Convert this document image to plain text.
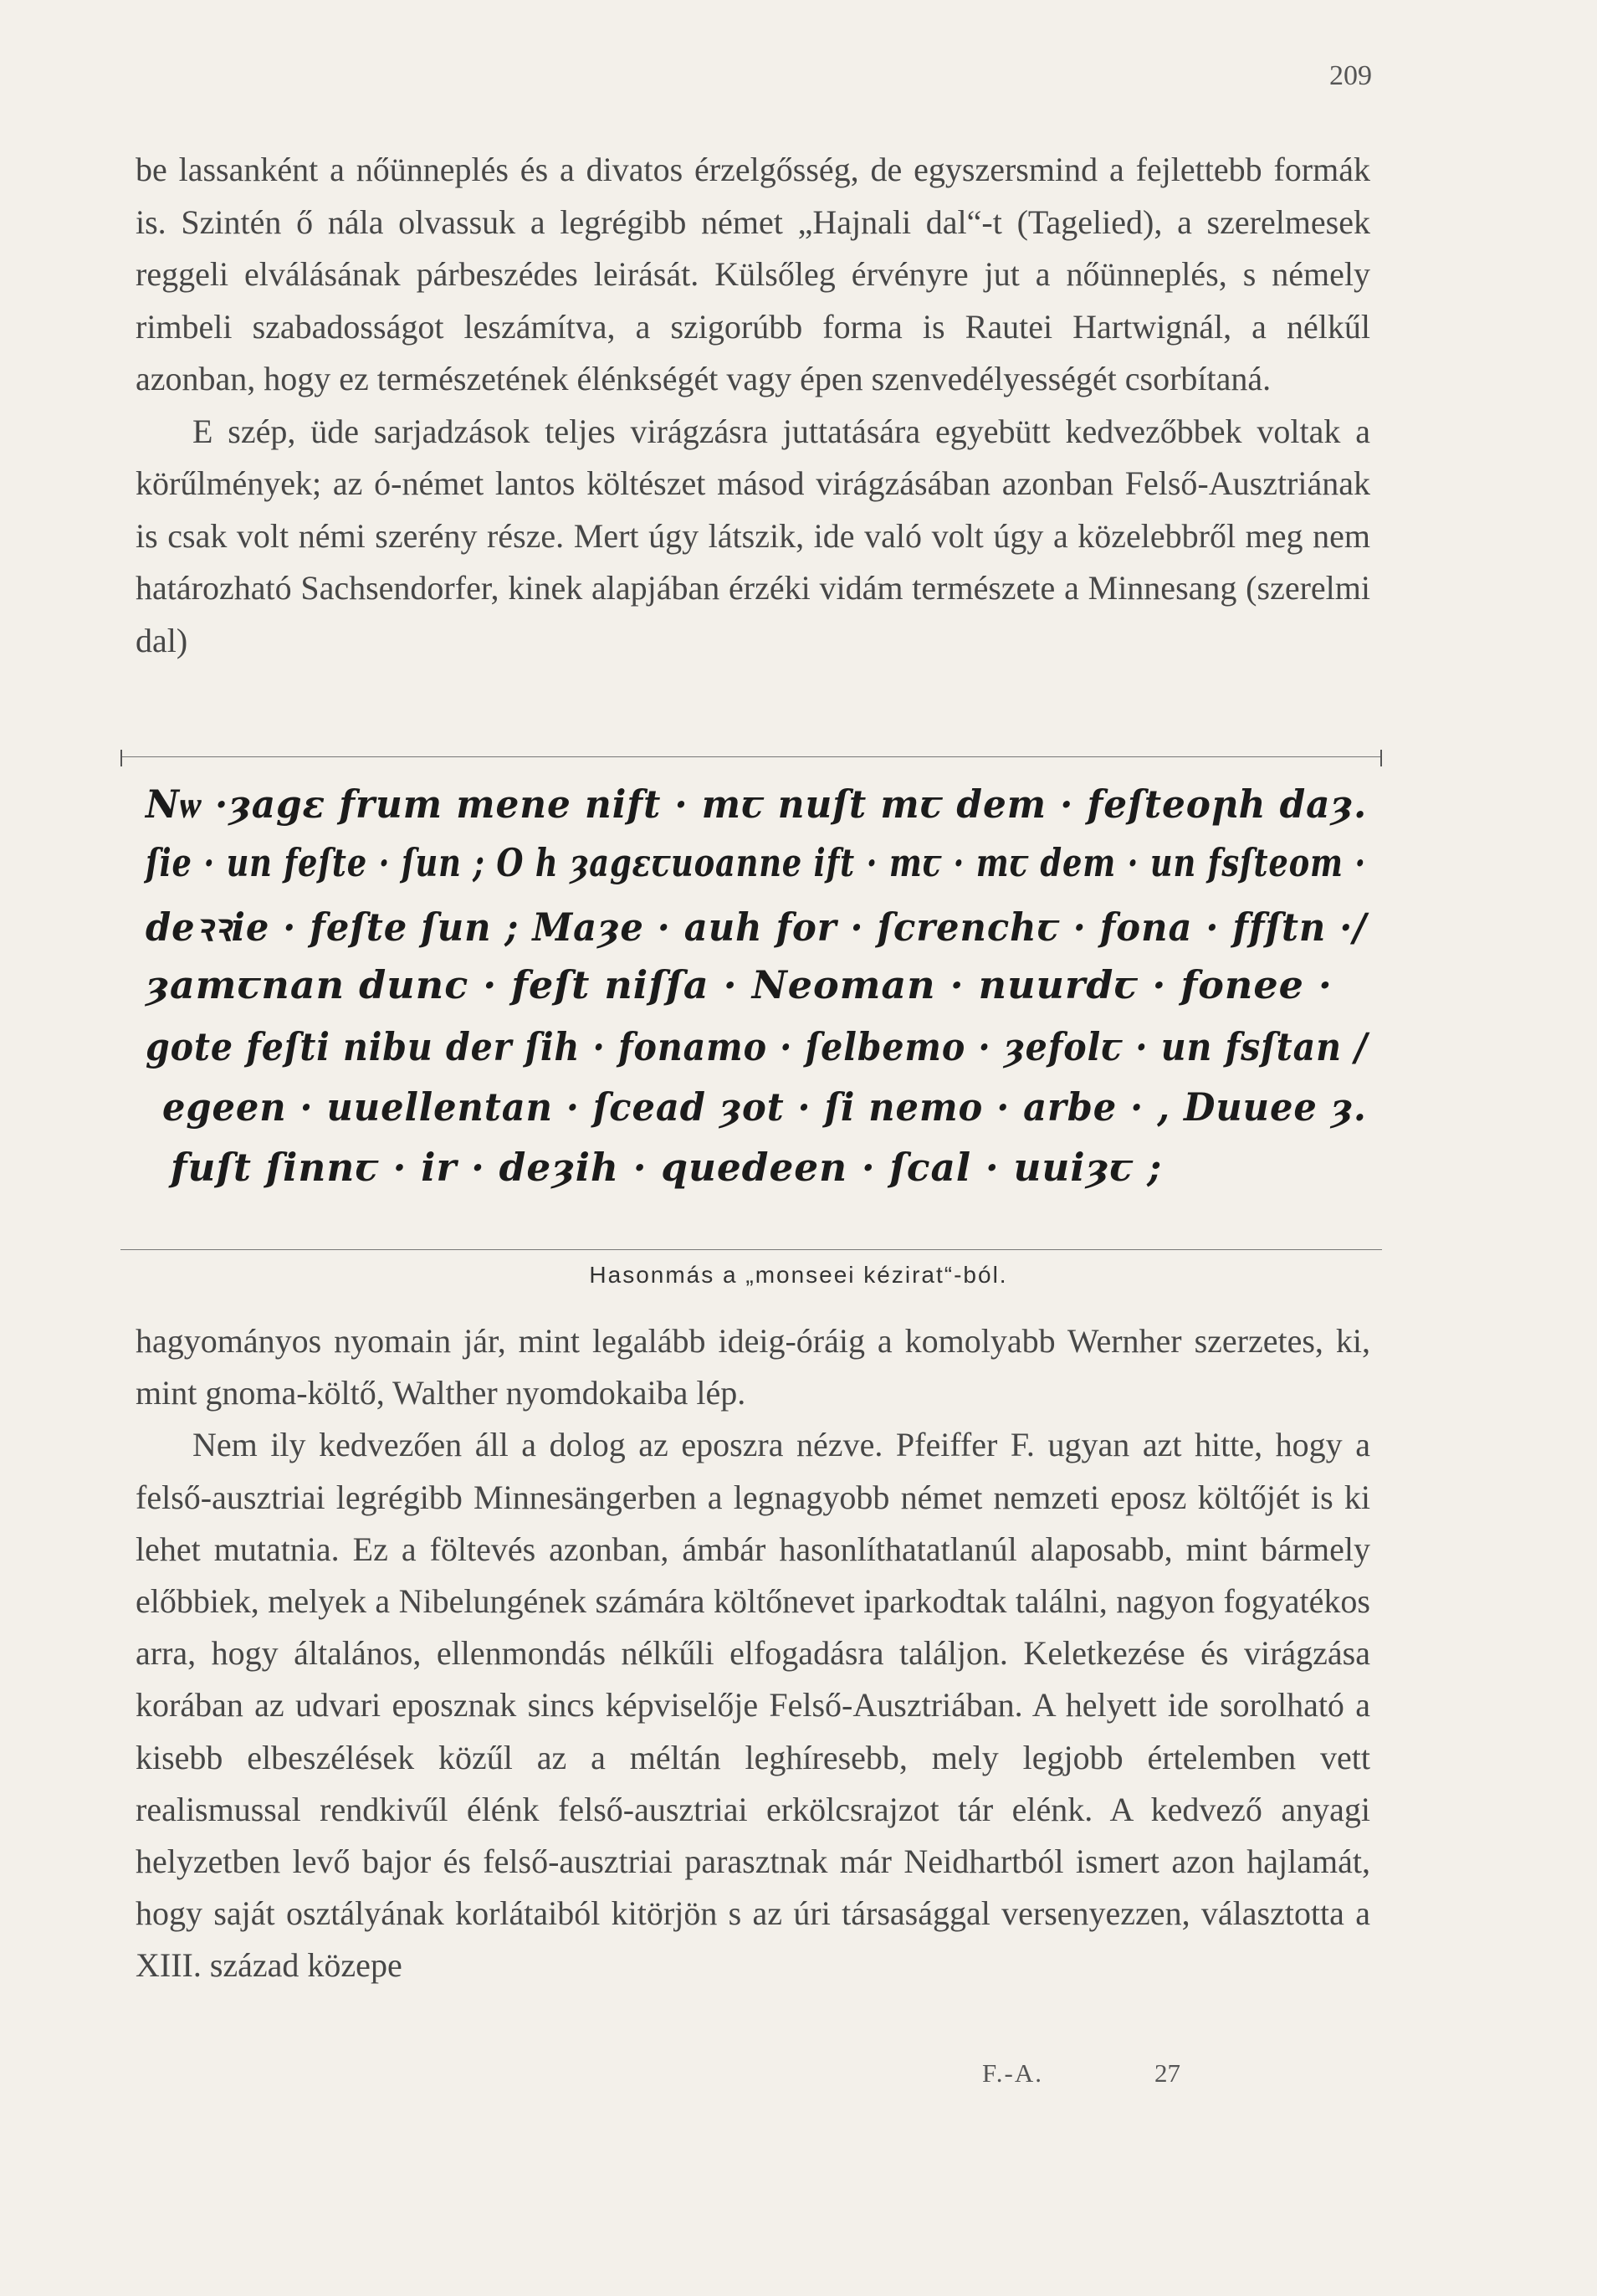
209

be lassanként a nőünneplés és a divatos érzelgősség, de egyszersmind a fejlettebb formák is. Szintén ő nála olvassuk a legrégibb német „Hajnali dal“-t (Tagelied), a szerelmesek reggeli elválásának párbeszédes leirását. Külsőleg érvényre jut a nőünneplés, s némely rimbeli szabadosságot leszámítva, a szigorúbb forma is Rautei Hartwignál, a nélkűl azonban, hogy ez természetének élénkségét vagy épen szenvedélyességét csorbítaná.

E szép, üde sarjadzások teljes virágzásra juttatására egyebütt kedvezőbbek voltak a körűlmények; az ó-német lantos költészet másod virágzásában azonban Felső-Ausztriának is csak volt némi szerény része. Mert úgy látszik, ide való volt úgy a közelebbről meg nem határozható Sachsendorfer, kinek alapjában érzéki vidám természete a Minnesang (szerelmi dal)

Nѡ ·ȝagɛ frum mene nift · mꞇ nuſt mꞇ dem · feſteoꞃh daȝ.
ſie · un feſte · ſun ; O h ȝagɛꞇuoanne ift · mꞇ · mꞇ dem · un fsſteom ·
deꝛꝛie · feſte ſun ; Maȝe · auh for · ſcrenchꞇ · fona · ffſtn ·/
ȝamꞇnan dunc · feſt niſſa · Neoman · nuurdꞇ · fonee ·
gote feſti nibu der ſih · fonamo · ſelbemo · ȝefolꞇ · un fsſtan /
egeen · uuellentan · ſcead ȝot · ſi nemo · arbe · , Duuee ȝ.
fuſt ſinnꞇ · ir · deȝih · quedeen · ſcal · uuiȝꞇ ;
Hasonmás a „monseei kézirat“-ból.

hagyományos nyomain jár, mint legalább ideig-óráig a komolyabb Wernher szerzetes, ki, mint gnoma-költő, Walther nyomdokaiba lép.

Nem ily kedvezően áll a dolog az eposzra nézve. Pfeiffer F. ugyan azt hitte, hogy a felső-ausztriai legrégibb Minnesängerben a legnagyobb német nemzeti eposz költőjét is ki lehet mutatnia. Ez a föltevés azonban, ámbár hasonlíthatatlanúl alaposabb, mint bármely előbbiek, melyek a Nibelungének számára költőnevet iparkodtak találni, nagyon fogyatékos arra, hogy általános, ellenmondás nélkűli elfogadásra találjon. Keletkezése és virágzása korában az udvari eposznak sincs képviselője Felső-Ausztriában. A helyett ide sorolható a kisebb elbeszélések közűl az a méltán leghíresebb, mely legjobb értelemben vett realismussal rendkivűl élénk felső-ausztriai erkölcsrajzot tár elénk. A kedvező anyagi helyzetben levő bajor és felső-ausztriai parasztnak már Neidhartból ismert azon hajlamát, hogy saját osztályának korlátaiból kitörjön s az úri társasággal versenyezzen, választotta a XIII. század közepe

F.-A.	27
